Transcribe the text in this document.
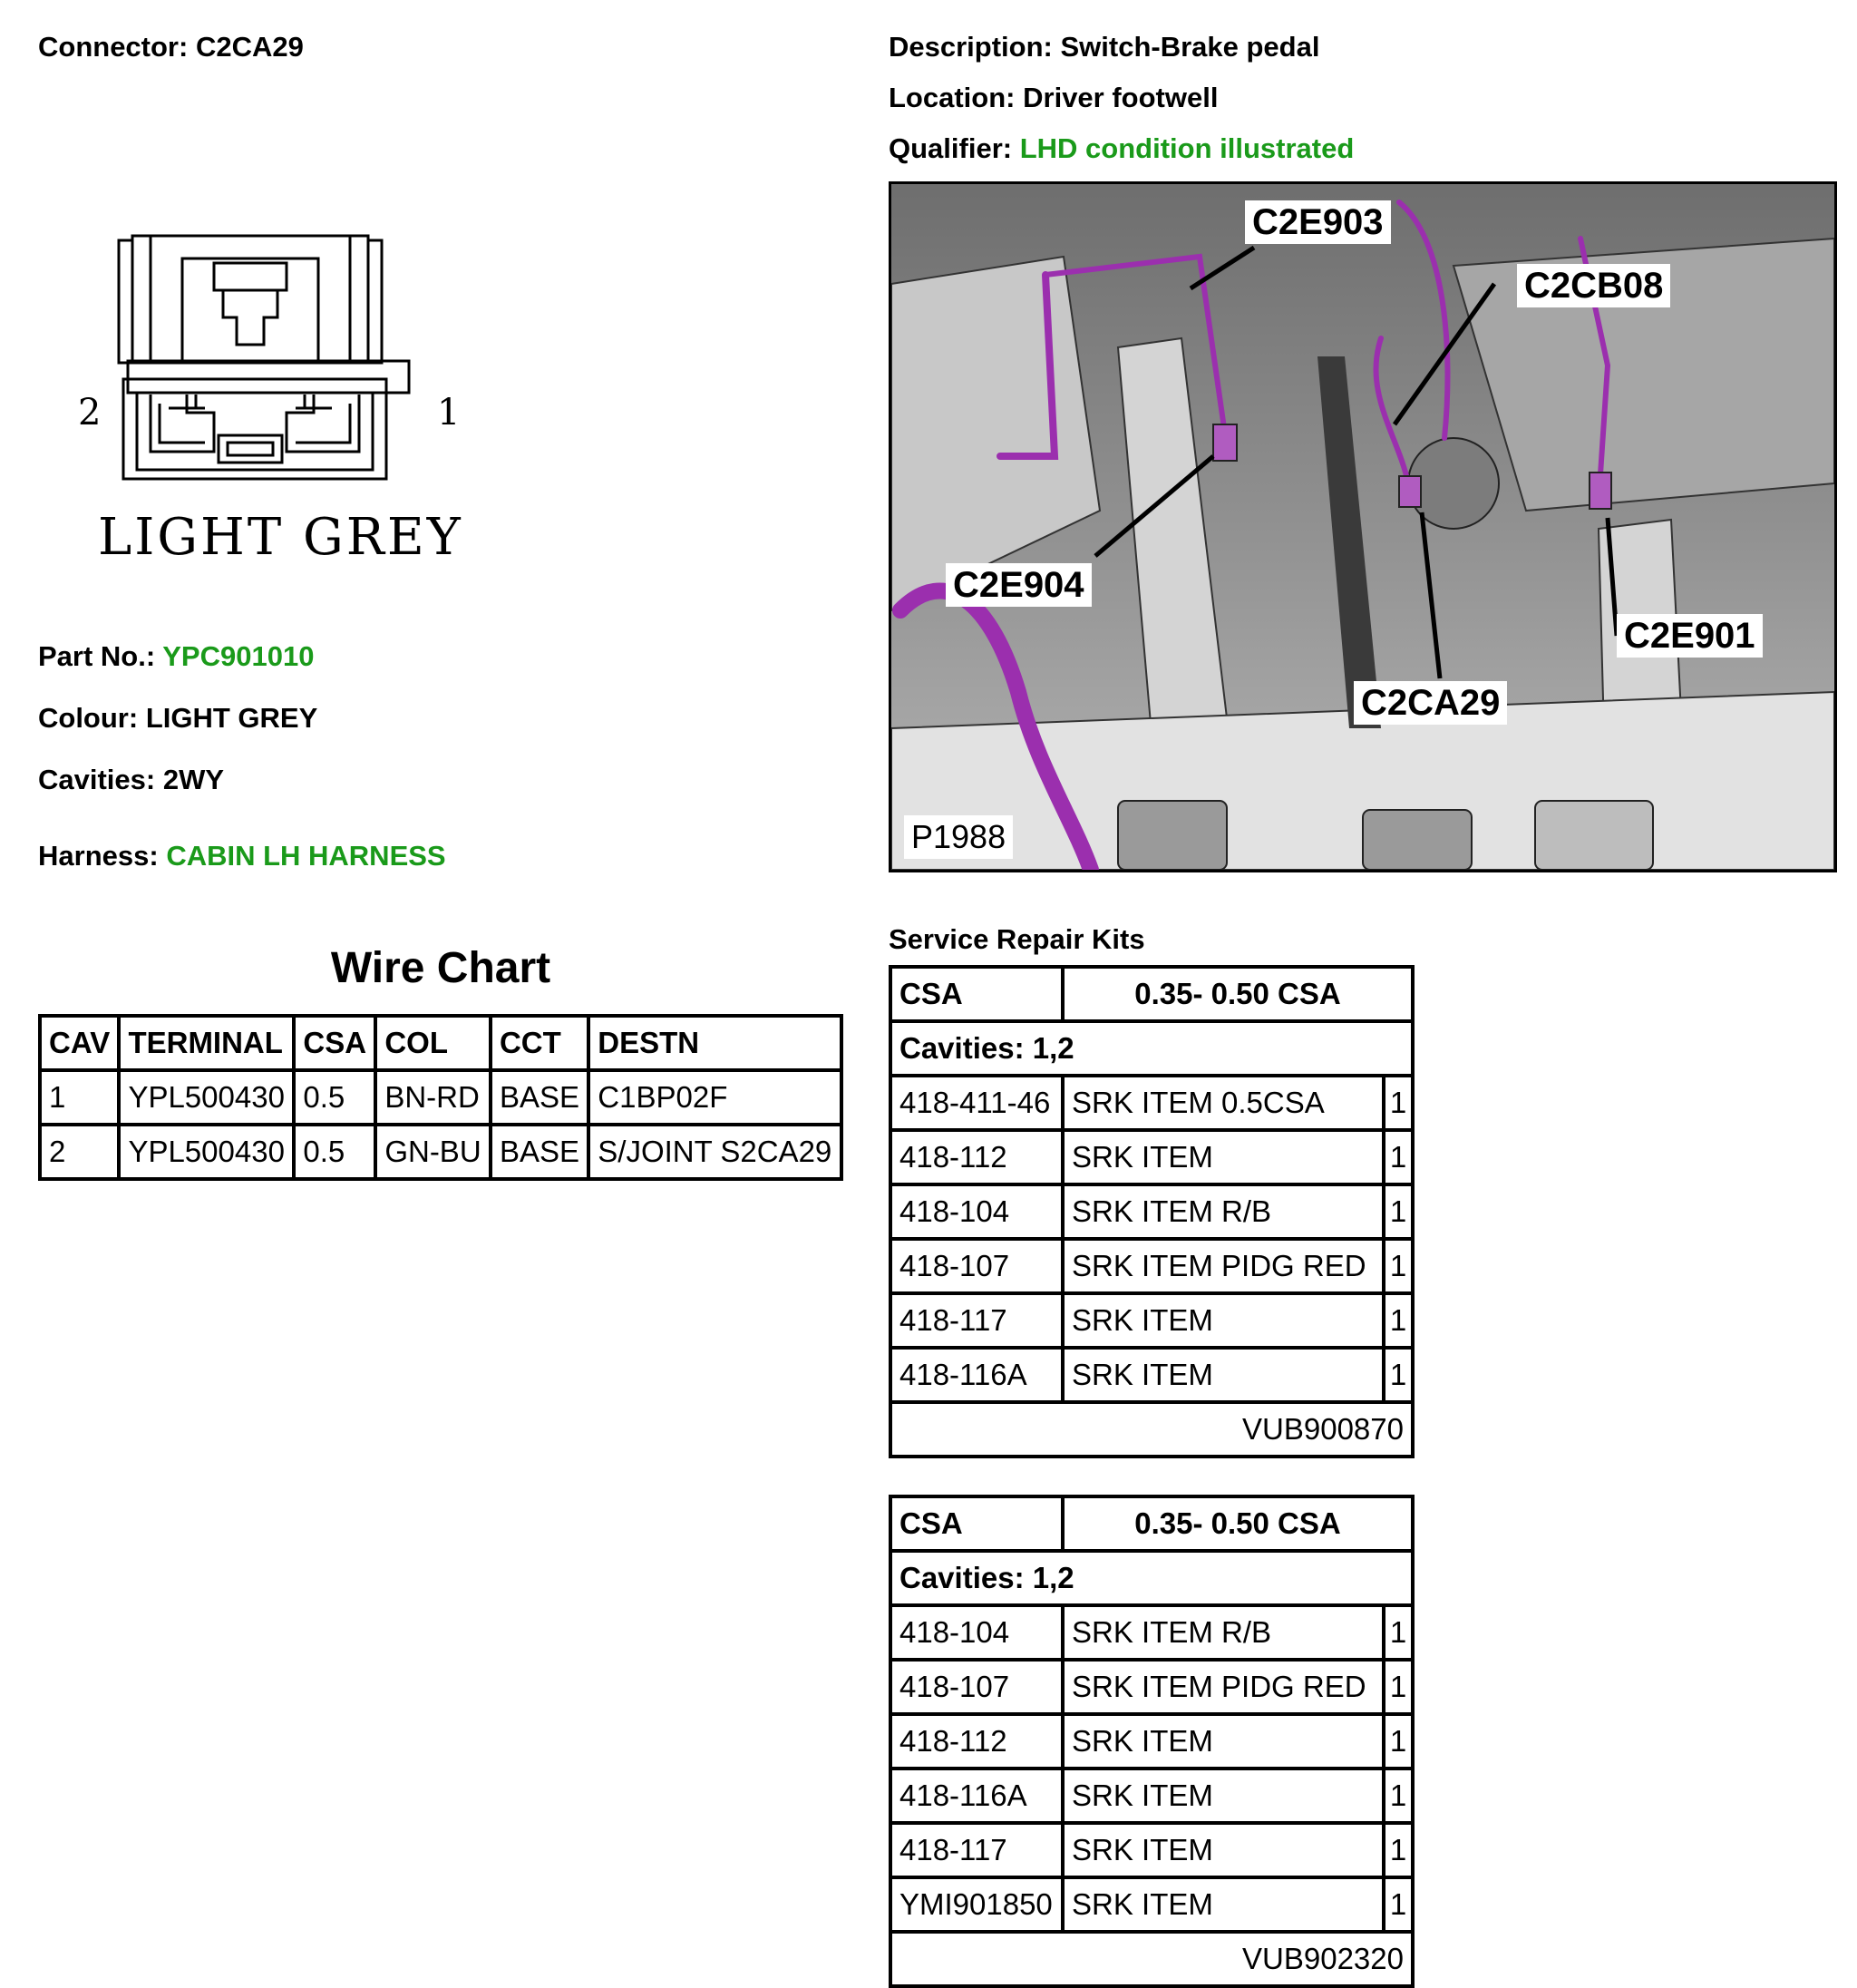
Connector: C2CA29	Description: Switch-Brake pedal
Location: Driver footwell
Qualifier: LHD condition illustrated
2	1
LIGHT GREY
Part No.: YPC901010
Colour: LIGHT GREY
Cavities: 2WY
Harness: CABIN LH HARNESS
Wire Chart
CAV	TERMINAL	CSA	COL	CCT	DESTN
1	YPL500430	0.5	BN-RD	BASE	C1BP02F
2	YPL500430	0.5	GN-BU	BASE	S/JOINT S2CA29
C2E903
C2CB08
C2E904
C2E901
C2CA29
P1988
Service Repair Kits
CSA	0.35- 0.50 CSA	
Cavities: 1,2		
418-411-46	SRK ITEM 0.5CSA	1
418-112	SRK ITEM	1
418-104	SRK ITEM R/B	1
418-107	SRK ITEM PIDG RED	1
418-117	SRK ITEM	1
418-116A	SRK ITEM	1
VUB900870		
CSA	0.35- 0.50 CSA	
Cavities: 1,2		
418-104	SRK ITEM R/B	1
418-107	SRK ITEM PIDG RED	1
418-112	SRK ITEM	1
418-116A	SRK ITEM	1
418-117	SRK ITEM	1
YMI901850	SRK ITEM	1
VUB902320		
